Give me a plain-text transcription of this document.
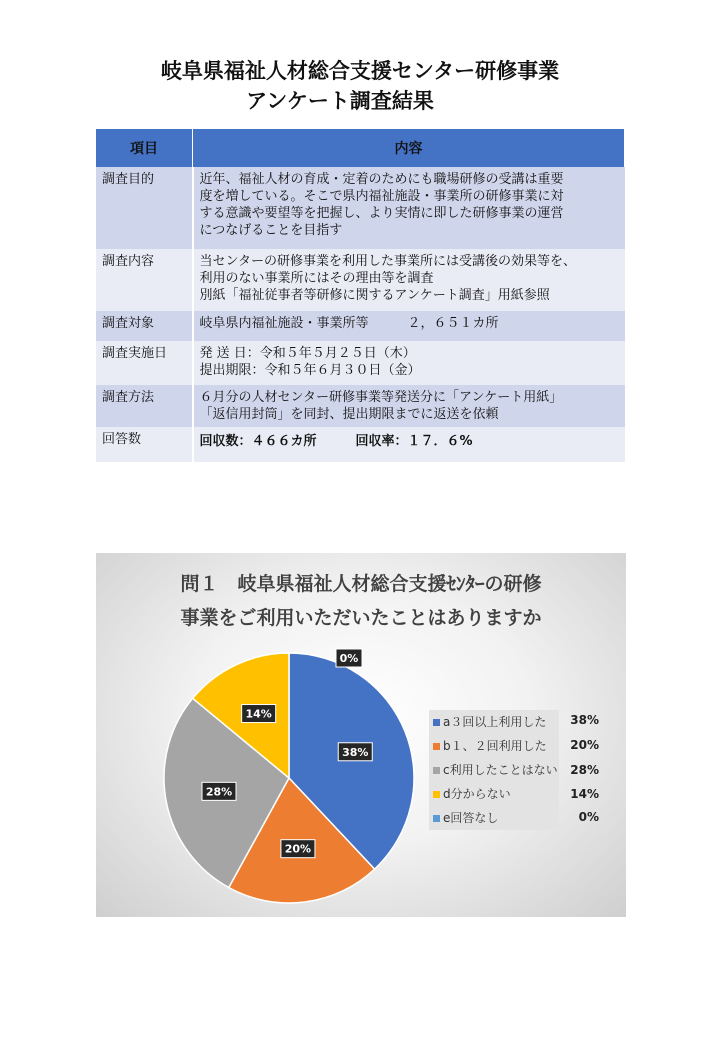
岐阜県福祉人材総合支援センター研修事業
アンケート調査結果
項目	内容
調査目的	近年、福祉人材の育成・定着のためにも職場研修の受講は重要
度を増している。そこで県内福祉施設・事業所の研修事業に対
する意識や要望等を把握し、より実情に即した研修事業の運営
につなげることを目指す

調査内容	当センターの研修事業を利用した事業所には受講後の効果等を、
利用のない事業所にはその理由等を調査
別紙「福祉従事者等研修に関するアンケート調査」用紙参照

調査対象	岐阜県内福祉施設・事業所等　　　２，６５１カ所

調査実施日	発 送 日：令和５年５月２５日（木）
提出期限：令和５年６月３０日（金）

調査方法	６月分の人材センター研修事業等発送分に「アンケート用紙」
「返信用封筒」を同封、提出期限までに返送を依頼

回答数	回収数：４６６カ所　　　回収率：１７．６%
問１　岐阜県福祉人材総合支援ｾﾝﾀｰの研修
事業をご利用いただいたことはありますか
38%
20%
28%
14%
0%
a３回以上利用した
b１、２回利用した
c利用したことはない
d分からない
e回答なし
38%
20%
28%
14%
0%
